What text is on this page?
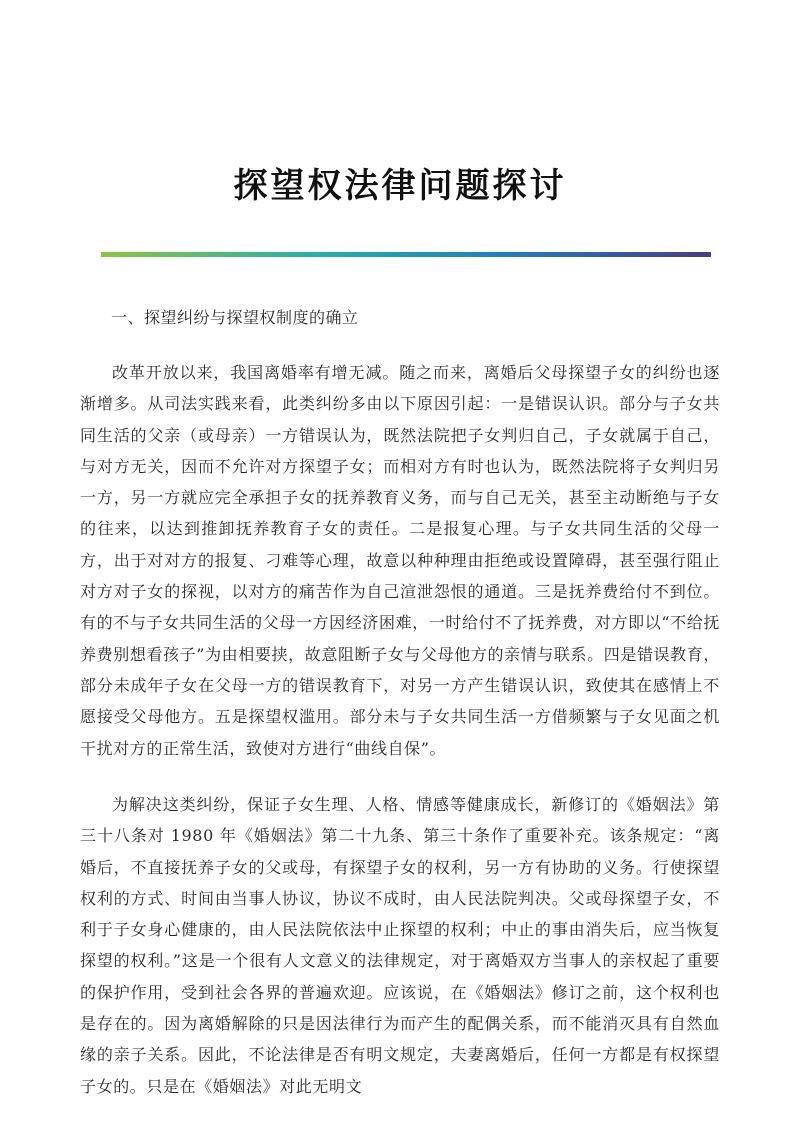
探望权法律问题探讨
一、探望纠纷与探望权制度的确立

改革开放以来，我国离婚率有增无减。随之而来，离婚后父母探望子女的纠纷也逐渐增多。从司法实践来看，此类纠纷多由以下原因引起：一是错误认识。部分与子女共同生活的父亲（或母亲）一方错误认为，既然法院把子女判归自己，子女就属于自己，与对方无关，因而不允许对方探望子女；而相对方有时也认为，既然法院将子女判归另一方，另一方就应完全承担子女的抚养教育义务，而与自己无关，甚至主动断绝与子女的往来，以达到推卸抚养教育子女的责任。二是报复心理。与子女共同生活的父母一方，出于对对方的报复、刁难等心理，故意以种种理由拒绝或设置障碍，甚至强行阻止对方对子女的探视，以对方的痛苦作为自己渲泄怨恨的通道。三是抚养费给付不到位。有的不与子女共同生活的父母一方因经济困难，一时给付不了抚养费，对方即以“不给抚养费别想看孩子”为由相要挟，故意阻断子女与父母他方的亲情与联系。四是错误教育，部分未成年子女在父母一方的错误教育下，对另一方产生错误认识，致使其在感情上不愿接受父母他方。五是探望权滥用。部分未与子女共同生活一方借频繁与子女见面之机干扰对方的正常生活，致使对方进行“曲线自保”。

为解决这类纠纷，保证子女生理、人格、情感等健康成长，新修订的《婚姻法》第三十八条对 1980 年《婚姻法》第二十九条、第三十条作了重要补充。该条规定：“离婚后，不直接抚养子女的父或母，有探望子女的权利，另一方有协助的义务。行使探望权利的方式、时间由当事人协议，协议不成时，由人民法院判决。父或母探望子女，不利于子女身心健康的，由人民法院依法中止探望的权利；中止的事由消失后，应当恢复探望的权利。”这是一个很有人文意义的法律规定，对于离婚双方当事人的亲权起了重要的保护作用，受到社会各界的普遍欢迎。应该说，在《婚姻法》修订之前，这个权利也是存在的。因为离婚解除的只是因法律行为而产生的配偶关系，而不能消灭具有自然血缘的亲子关系。因此，不论法律是否有明文规定，夫妻离婚后，任何一方都是有权探望子女的。只是在《婚姻法》对此无明文
